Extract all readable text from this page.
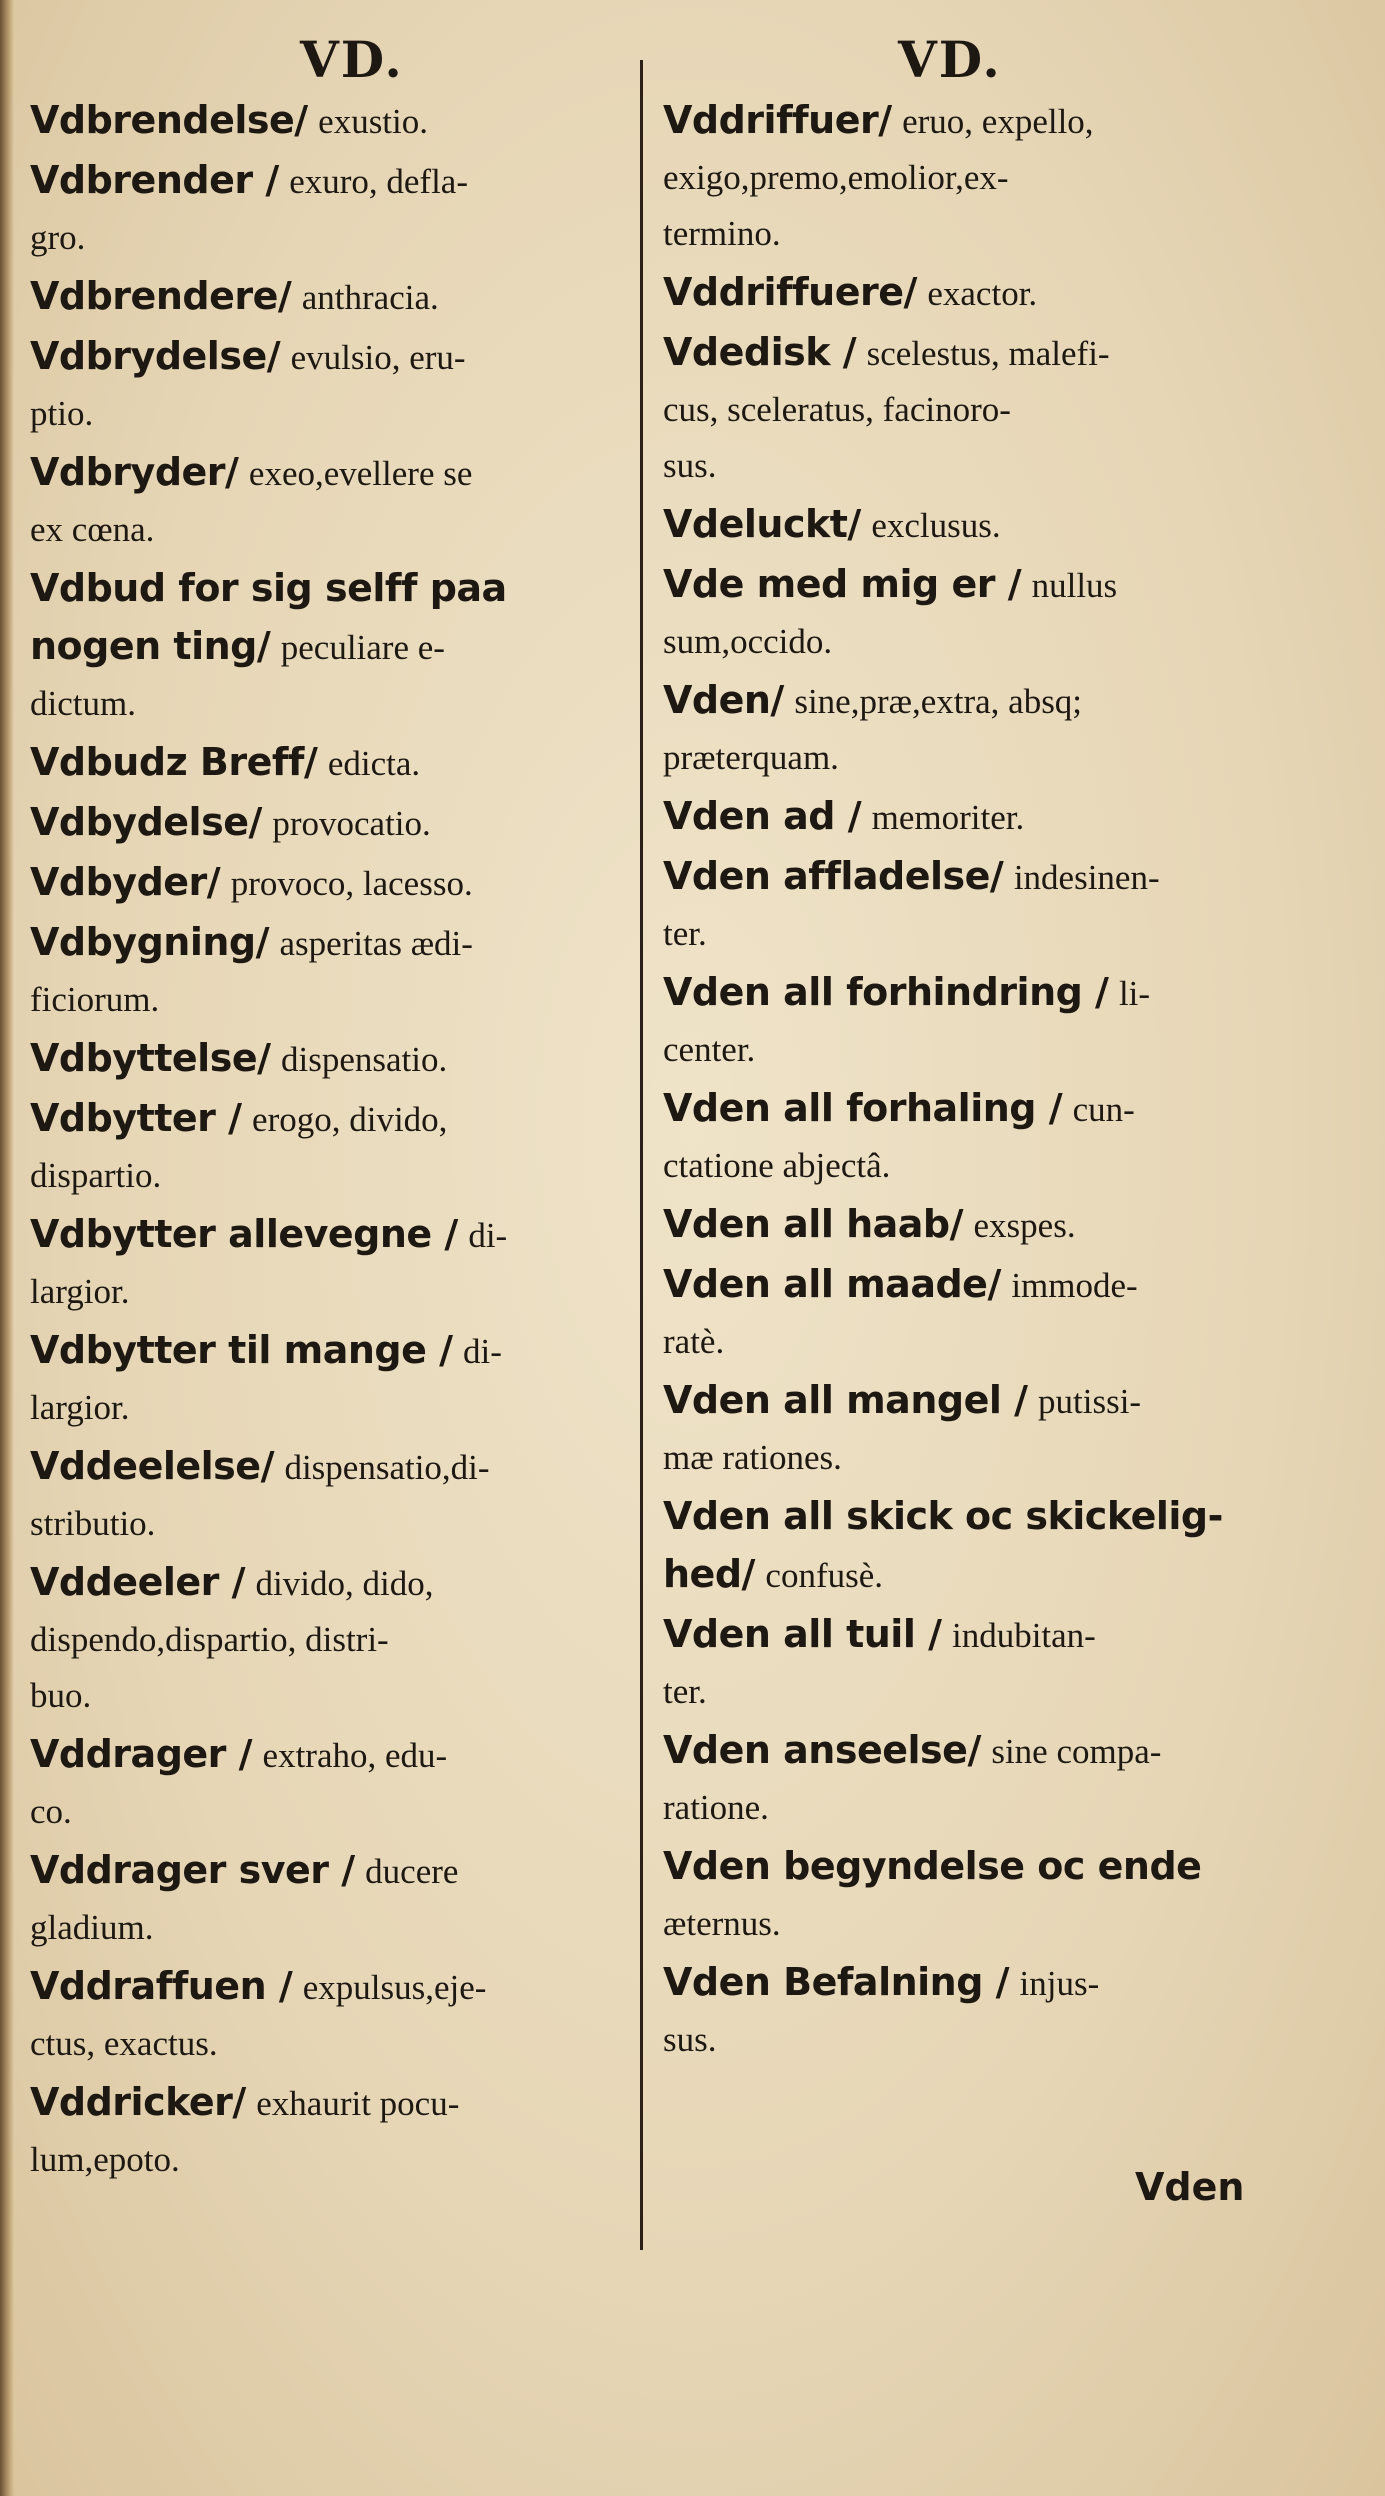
VD.
Vdbrendelse/ exustio.
Vdbrender / exuro, defla-
gro.
Vdbrendere/ anthracia.
Vdbrydelse/ evulsio, eru-
ptio.
Vdbryder/ exeo,evellere se
ex cœna.
Vdbud for sig selff paa
nogen ting/ peculiare e-
dictum.
Vdbudz Breff/ edicta.
Vdbydelse/ provocatio.
Vdbyder/ provoco, lacesso.
Vdbygning/ asperitas ædi-
ficiorum.
Vdbyttelse/ dispensatio.
Vdbytter / erogo, divido,
dispartio.
Vdbytter allevegne / di-
largior.
Vdbytter til mange / di-
largior.
Vddeelelse/ dispensatio,di-
stributio.
Vddeeler / divido, dido,
dispendo,dispartio, distri-
buo.
Vddrager / extraho, edu-
co.
Vddrager sver / ducere
gladium.
Vddraffuen / expulsus,eje-
ctus, exactus.
Vddricker/ exhaurit pocu-
lum,epoto.
VD.
Vddriffuer/ eruo, expello,
exigo,premo,emolior,ex-
termino.
Vddriffuere/ exactor.
Vdedisk / scelestus, malefi-
cus, sceleratus, facinoro-
sus.
Vdeluckt/ exclusus.
Vde med mig er / nullus
sum,occido.
Vden/ sine,præ,extra, absq;
præterquam.
Vden ad / memoriter.
Vden affladelse/ indesinen-
ter.
Vden all forhindring / li-
center.
Vden all forhaling / cun-
ctatione abjectâ.
Vden all haab/ exspes.
Vden all maade/ immode-
ratè.
Vden all mangel / putissi-
mæ rationes.
Vden all skick oc skickelig-
hed/ confusè.
Vden all tuil / indubitan-
ter.
Vden anseelse/ sine compa-
ratione.
Vden begyndelse oc ende
æternus.
Vden Befalning / injus-
sus.
Vden
